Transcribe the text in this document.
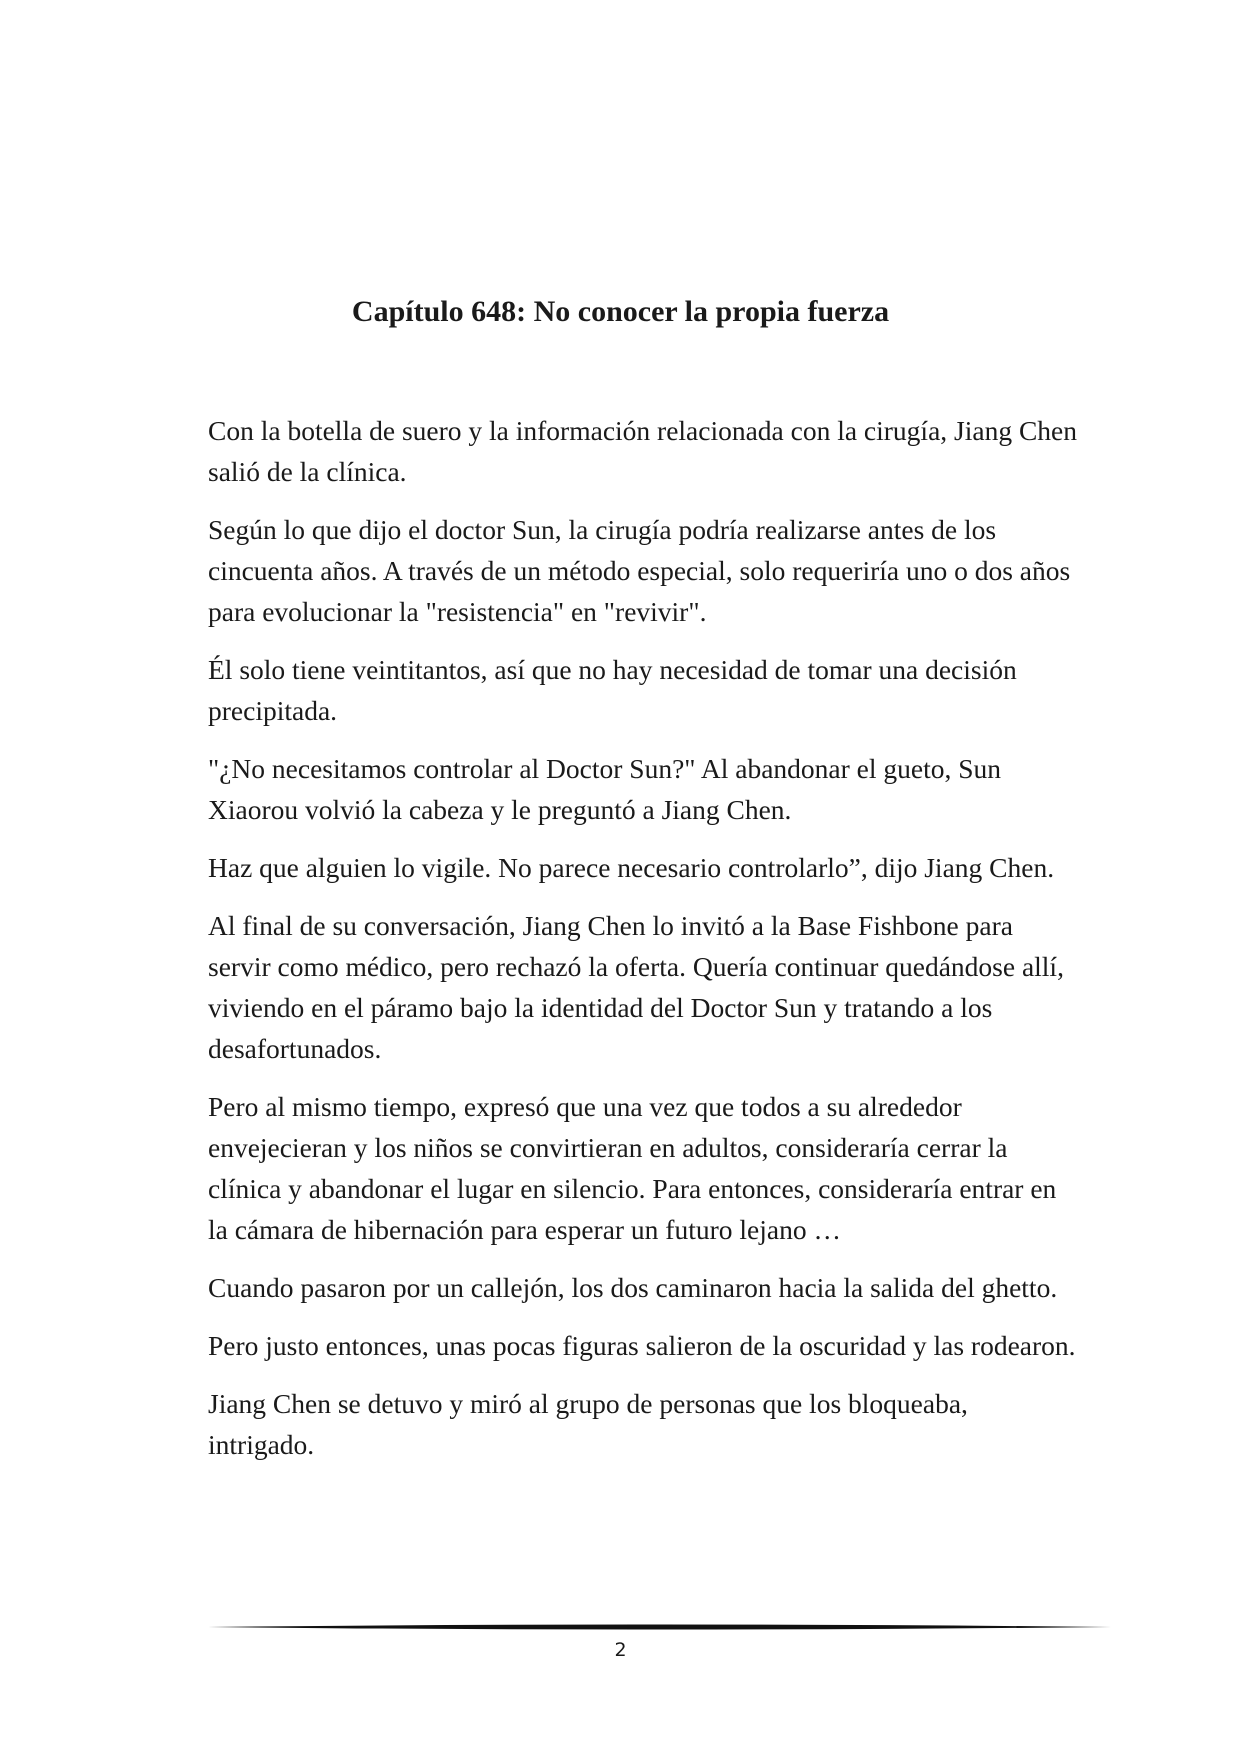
Capítulo 648: No conocer la propia fuerza

Con la botella de suero y la información relacionada con la cirugía, Jiang Chen salió de la clínica.

Según lo que dijo el doctor Sun, la cirugía podría realizarse antes de los cincuenta años. A través de un método especial, solo requeriría uno o dos años para evolucionar la "resistencia" en "revivir".

Él solo tiene veintitantos, así que no hay necesidad de tomar una decisión precipitada.

"¿No necesitamos controlar al Doctor Sun?" Al abandonar el gueto, Sun Xiaorou volvió la cabeza y le preguntó a Jiang Chen.

Haz que alguien lo vigile. No parece necesario controlarlo”, dijo Jiang Chen.

Al final de su conversación, Jiang Chen lo invitó a la Base Fishbone para servir como médico, pero rechazó la oferta. Quería continuar quedándose allí, viviendo en el páramo bajo la identidad del Doctor Sun y tratando a los desafortunados.

Pero al mismo tiempo, expresó que una vez que todos a su alrededor envejecieran y los niños se convirtieran en adultos, consideraría cerrar la clínica y abandonar el lugar en silencio. Para entonces, consideraría entrar en la cámara de hibernación para esperar un futuro lejano …

Cuando pasaron por un callejón, los dos caminaron hacia la salida del ghetto.

Pero justo entonces, unas pocas figuras salieron de la oscuridad y las rodearon.

Jiang Chen se detuvo y miró al grupo de personas que los bloqueaba, intrigado.

2
